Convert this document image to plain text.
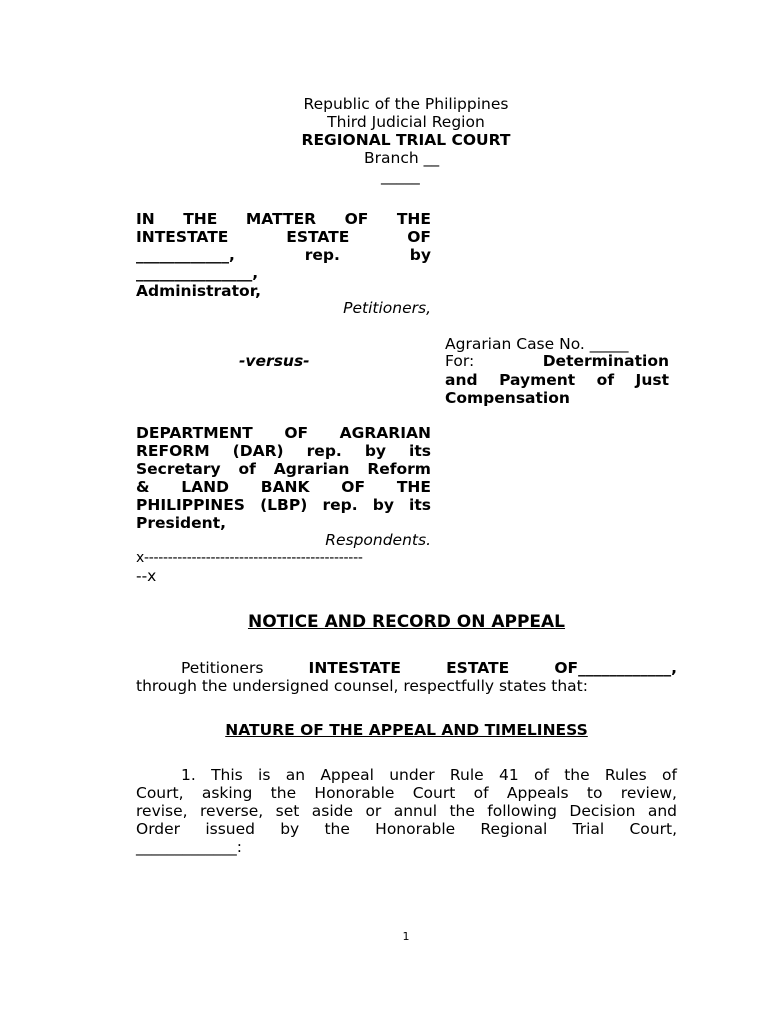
Republic of the Philippines
Third Judicial Region
REGIONAL TRIAL COURT
Branch __
_____
IN THE MATTER OF THE
INTESTATE	ESTATE	OF
____________,	rep.	by
_______________,
Administrator,
Petitioners,
-versus-
Agrarian Case No. _____
For:	Determination
and Payment of Just
Compensation
DEPARTMENT OF AGRARIAN
REFORM (DAR) rep. by its
Secretary of Agrarian Reform
& LAND BANK OF THE
PHILIPPINES (LBP) rep. by its
President,
Respondents.
x----------------------------------------------
--x
NOTICE AND RECORD ON APPEAL
Petitioners	INTESTATE	ESTATE	OF____________,
through the undersigned counsel, respectfully states that:
NATURE OF THE APPEAL AND TIMELINESS
1. This is an Appeal under Rule 41 of the Rules of
Court, asking the Honorable Court of Appeals to review,
revise, reverse, set aside or annul the following Decision and
Order issued by the Honorable Regional Trial Court,
_____________:
1
